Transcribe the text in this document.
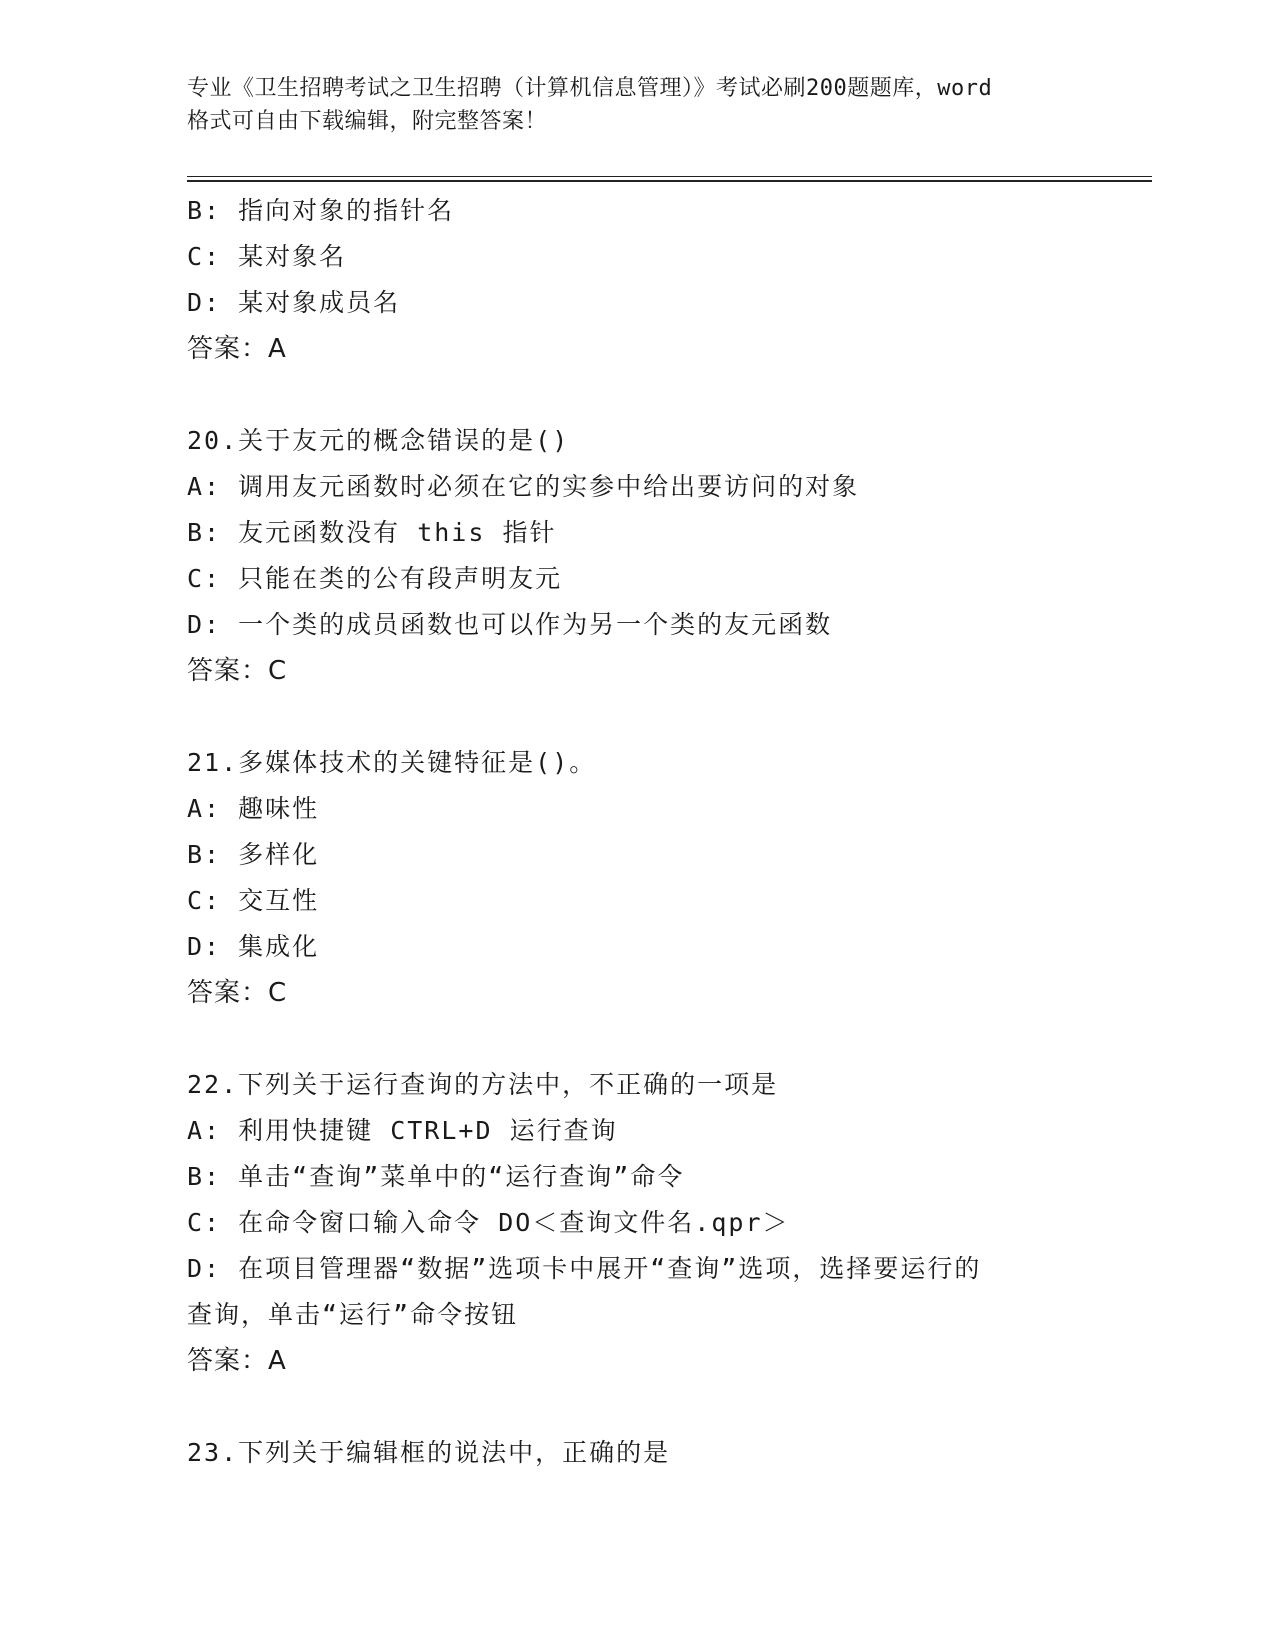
专业《卫生招聘考试之卫生招聘（计算机信息管理）》考试必刷200题题库，word
格式可自由下载编辑，附完整答案！
B: 指向对象的指针名
C: 某对象名
D: 某对象成员名
答案：A
20.关于友元的概念错误的是()
A: 调用友元函数时必须在它的实参中给出要访问的对象
B: 友元函数没有 this 指针
C: 只能在类的公有段声明友元
D: 一个类的成员函数也可以作为另一个类的友元函数
答案：C
21.多媒体技术的关键特征是()。
A: 趣味性
B: 多样化
C: 交互性
D: 集成化
答案：C
22.下列关于运行查询的方法中，不正确的一项是
A: 利用快捷键 CTRL+D 运行查询
B: 单击“查询”菜单中的“运行查询”命令
C: 在命令窗口输入命令 DO＜查询文件名.qpr＞
D: 在项目管理器“数据”选项卡中展开“查询”选项，选择要运行的
查询，单击“运行”命令按钮
答案：A
23.下列关于编辑框的说法中，正确的是
